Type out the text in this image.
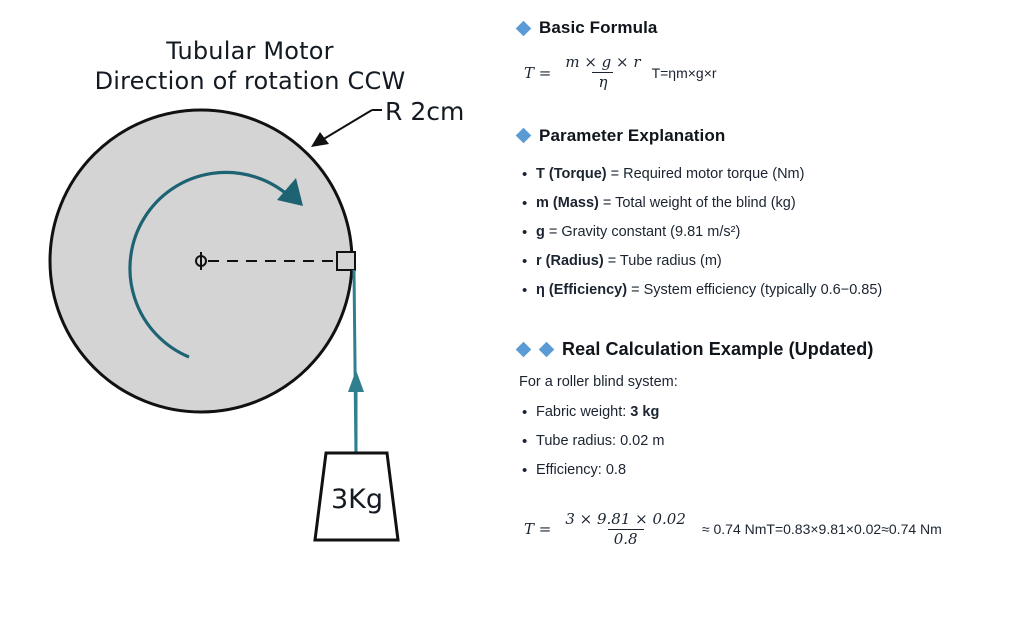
Tubular Motor
Direction of rotation CCW
R 2cm
3Kg
Basic Formula
$T = \frac{m \times g \times r}{\eta} T=\eta m\times g\times r$
Parameter Explanation
• T (Torque) = Required motor torque (Nm)
• m (Mass) = Total weight of the blind (kg)
• g = Gravity constant (9.81 m/s²)
• r (Radius) = Tube radius (m)
• η (Efficiency) = System efficiency (typically 0.6−0.85)
Real Calculation Example (Updated)

For a roller blind system:

• Fabric weight: 3 kg
• Tube radius: 0.02 m
• Efficiency: 0.8
$T = \frac{3 \times 9.81 \times 0.02}{0.8} \approx 0.74$ NmT=0.83×9.81×0.02≈0.74 Nm
